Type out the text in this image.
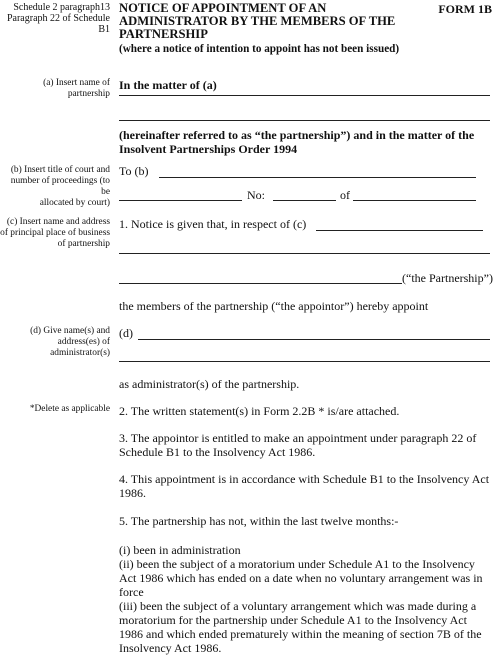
Schedule 2 paragraph13
Paragraph 22 of Schedule
B1
NOTICE OF APPOINTMENT OF AN
ADMINISTRATOR BY THE MEMBERS OF THE
PARTNERSHIP
(where a notice of intention to appoint has not been issued)
FORM 1B
(a) Insert name of
partnership
(b) Insert title of court and
number of proceedings (to be
allocated by court)
(c) Insert name and address
of principal place of business
of partnership
(d) Give name(s) and
address(es) of
administrator(s)
*Delete as applicable
In the matter of (a)
(hereinafter referred to as “the partnership”) and in the matter of the
Insolvent Partnerships Order 1994
To (b)
No:	of
1. Notice is given that, in respect of (c)
(“the Partnership”)
the members of the partnership (“the appointor”) hereby appoint
(d)
as administrator(s) of the partnership.
2. The written statement(s) in Form 2.2B * is/are attached.
3. The appointor is entitled to make an appointment under paragraph 22 of
Schedule B1 to the Insolvency Act 1986.
4. This appointment is in accordance with Schedule B1 to the Insolvency Act
1986.
5. The partnership has not, within the last twelve months:-
(i) been in administration
(ii) been the subject of a moratorium under Schedule A1 to the Insolvency
Act 1986 which has ended on a date when no voluntary arrangement was in
force
(iii) been the subject of a voluntary arrangement which was made during a
moratorium for the partnership under Schedule A1 to the Insolvency Act
1986 and which ended prematurely within the meaning of section 7B of the
Insolvency Act 1986.
